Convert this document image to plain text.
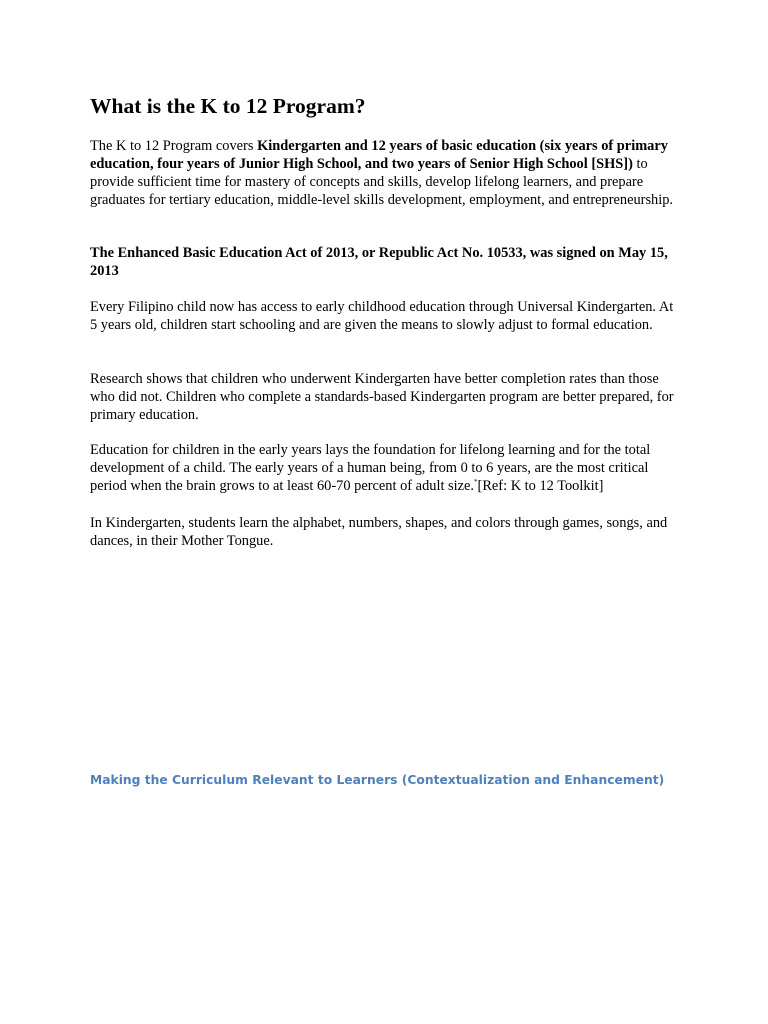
What is the K to 12 Program?

The K to 12 Program covers Kindergarten and 12 years of basic education (six years of primary education, four years of Junior High School, and two years of Senior High School [SHS]) to provide sufficient time for mastery of concepts and skills, develop lifelong learners, and prepare graduates for tertiary education, middle-level skills development, employment, and entrepreneurship.

The Enhanced Basic Education Act of 2013, or Republic Act No. 10533, was signed on May 15, 2013

Every Filipino child now has access to early childhood education through Universal Kindergarten. At 5 years old, children start schooling and are given the means to slowly adjust to formal education.

Research shows that children who underwent Kindergarten have better completion rates than those who did not. Children who complete a standards-based Kindergarten program are better prepared, for primary education.

Education for children in the early years lays the foundation for lifelong learning and for the total development of a child. The early years of a human being, from 0 to 6 years, are the most critical period when the brain grows to at least 60-70 percent of adult size.*[Ref: K to 12 Toolkit]

In Kindergarten, students learn the alphabet, numbers, shapes, and colors through games, songs, and dances, in their Mother Tongue.

Making the Curriculum Relevant to Learners (Contextualization and Enhancement)
